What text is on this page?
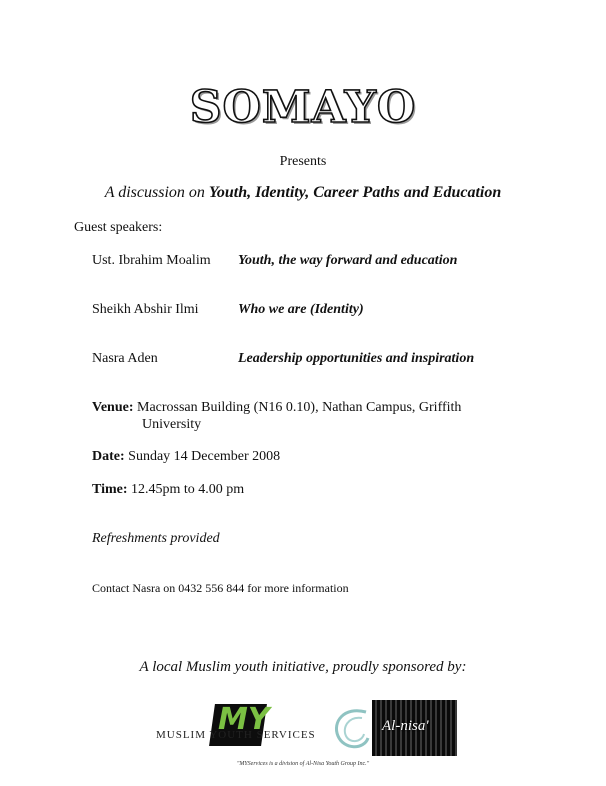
SOMAYO
Presents
A discussion on Youth, Identity, Career Paths and Education
Guest speakers:
Ust. Ibrahim Moalim Youth, the way forward and education
Sheikh Abshir Ilmi	Who we are (Identity)
Nasra Aden	Leadership opportunities and inspiration
Venue: Macrossan Building (N16 0.10), Nathan Campus, Griffith
University
Date: Sunday 14 December 2008
Time: 12.45pm to 4.00 pm
Refreshments provided
Contact Nasra on 0432 556 844 for more information
A local Muslim youth initiative, proudly sponsored by:
MY
MUSLIM YOUTH SERVICES
Al-nisa'
"MYServices is a division of Al-Nisa Youth Group Inc."
